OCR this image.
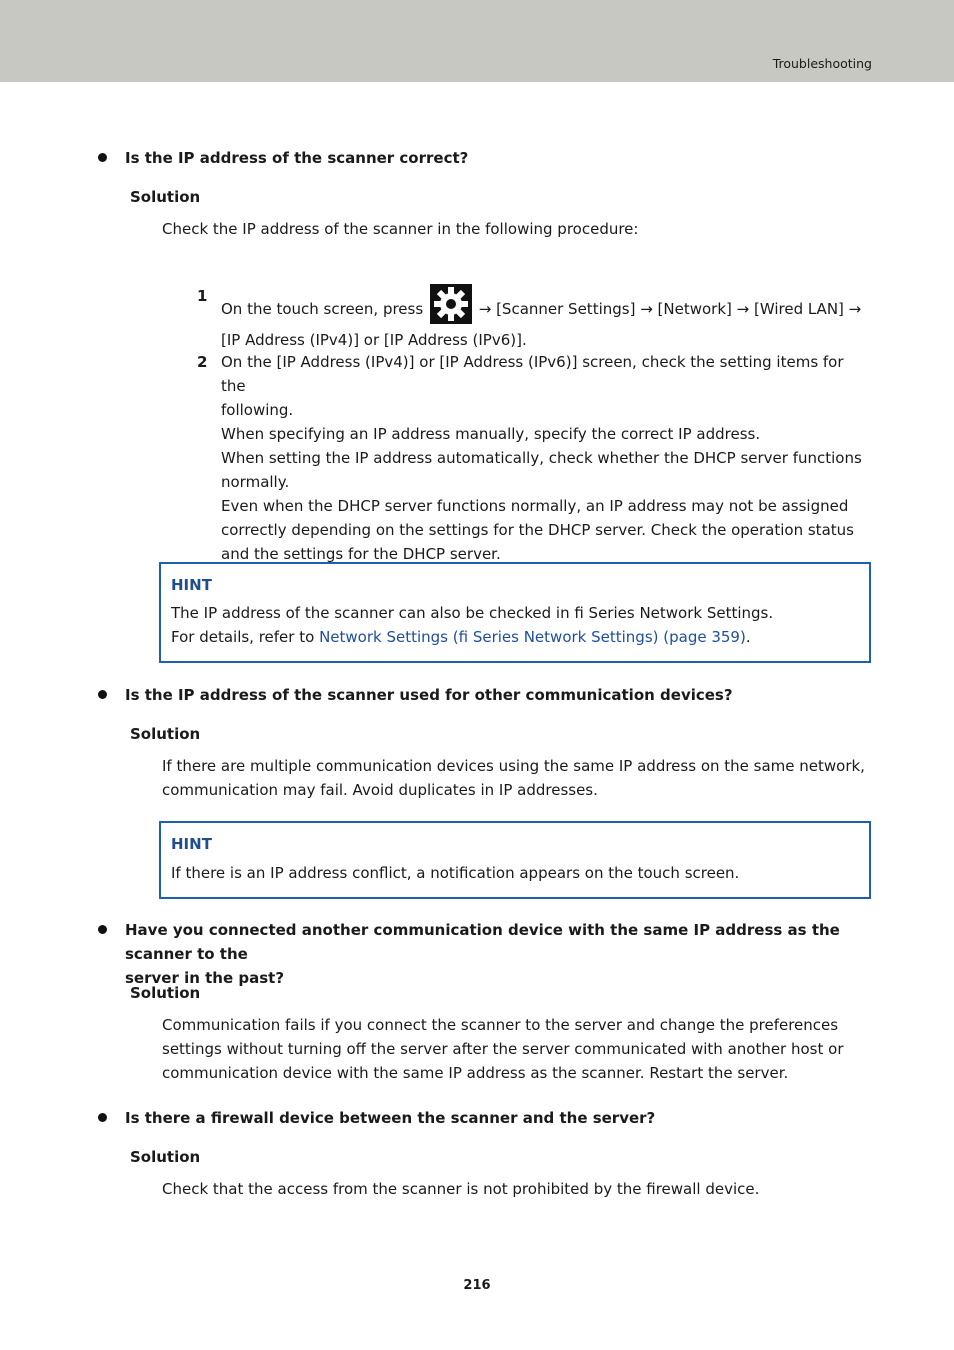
Troubleshooting
Is the IP address of the scanner correct?
Solution
Check the IP address of the scanner in the following procedure:
1
On the touch screen, press	→ [Scanner Settings] → [Network] → [Wired LAN] →
[IP Address (IPv4)] or [IP Address (IPv6)].
2 On the [IP Address (IPv4)] or [IP Address (IPv6)] screen, check the setting items for the
following.
When specifying an IP address manually, specify the correct IP address.
When setting the IP address automatically, check whether the DHCP server functions
normally.
Even when the DHCP server functions normally, an IP address may not be assigned
correctly depending on the settings for the DHCP server. Check the operation status
and the settings for the DHCP server.
HINT
The IP address of the scanner can also be checked in fi Series Network Settings.
For details, refer to Network Settings (fi Series Network Settings) (page 359).
Is the IP address of the scanner used for other communication devices?
Solution
If there are multiple communication devices using the same IP address on the same network,
communication may fail. Avoid duplicates in IP addresses.
HINT
If there is an IP address conflict, a notification appears on the touch screen.
Have you connected another communication device with the same IP address as the scanner to the
server in the past?
Solution
Communication fails if you connect the scanner to the server and change the preferences
settings without turning off the server after the server communicated with another host or
communication device with the same IP address as the scanner. Restart the server.
Is there a firewall device between the scanner and the server?
Solution
Check that the access from the scanner is not prohibited by the firewall device.
216
